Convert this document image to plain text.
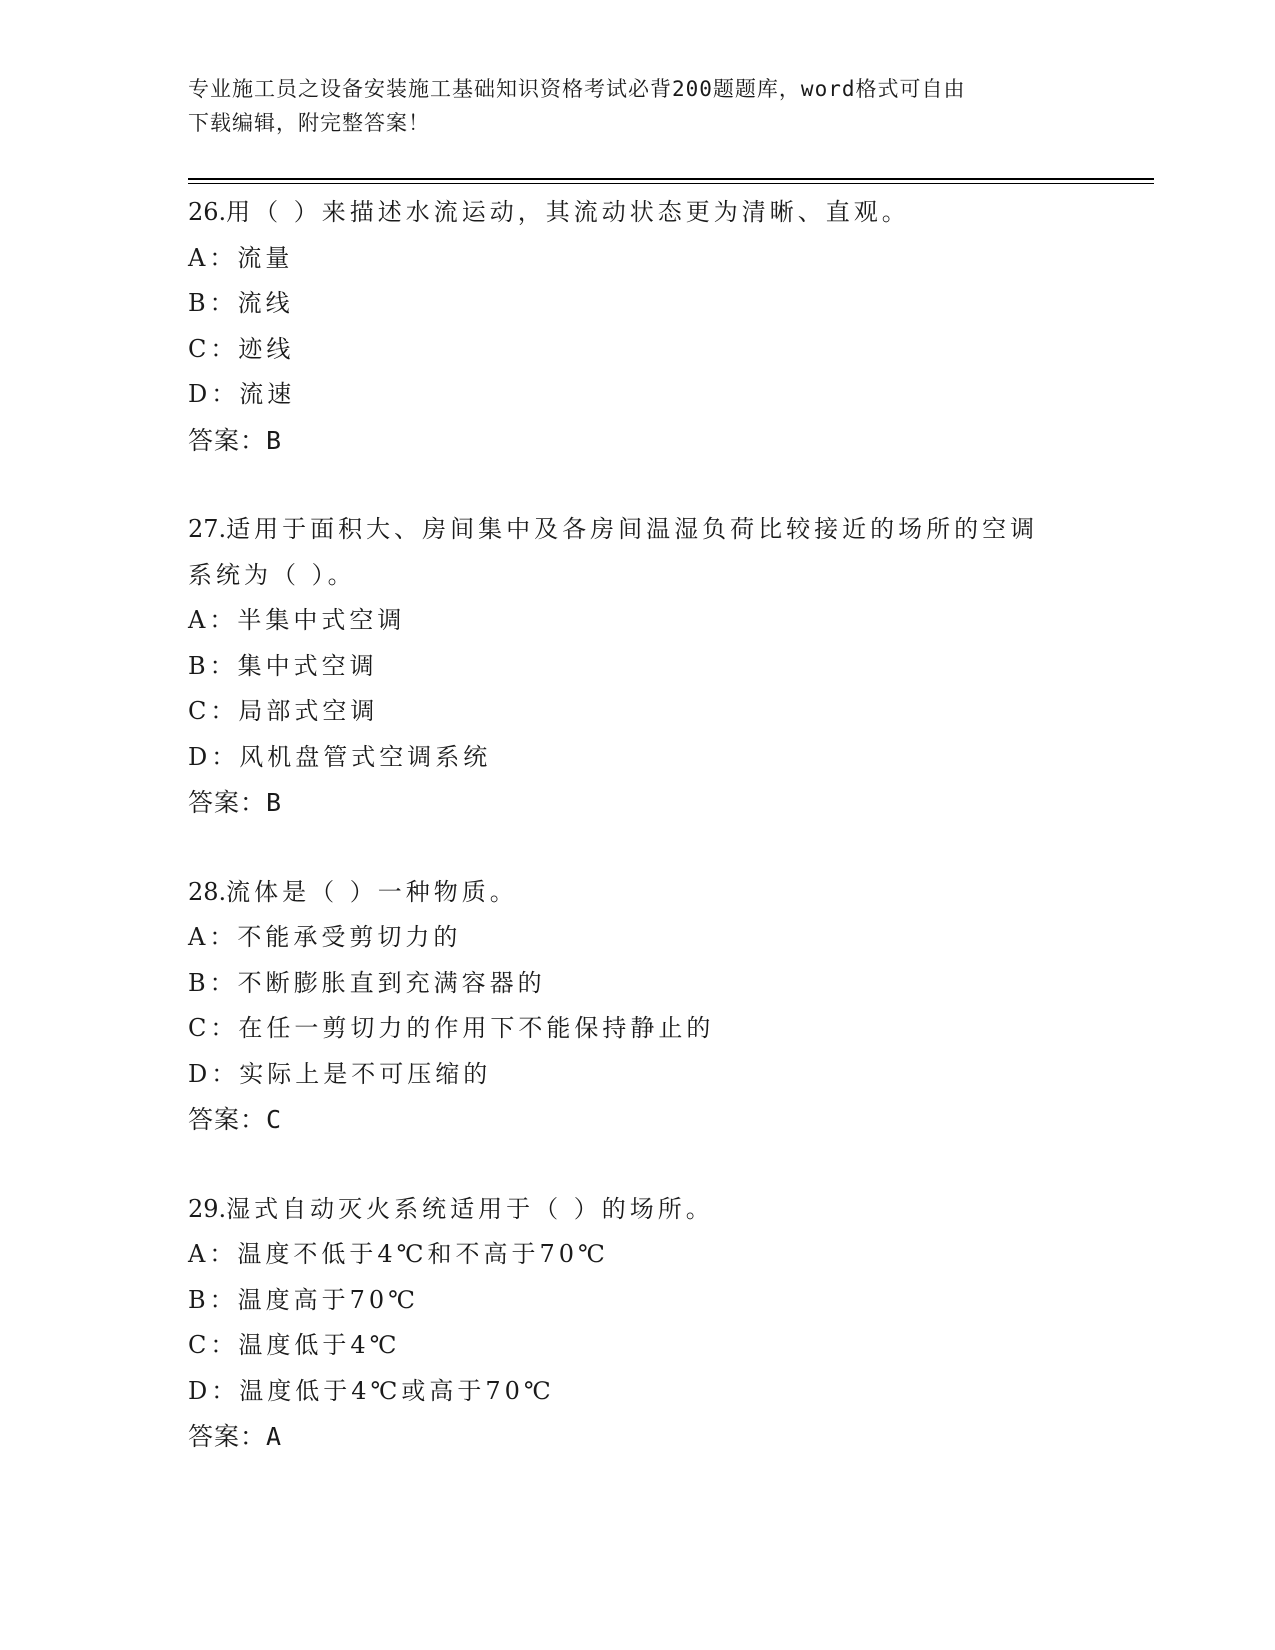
专业施工员之设备安装施工基础知识资格考试必背200题题库，word格式可自由
下载编辑，附完整答案！
26.用（ ）来描述水流运动，其流动状态更为清晰、直观。
A：流量
B：流线
C：迹线
D：流速
答案：B
27.适用于面积大、房间集中及各房间温湿负荷比较接近的场所的空调
系统为（ ）。
A：半集中式空调
B：集中式空调
C：局部式空调
D：风机盘管式空调系统
答案：B
28.流体是（ ）一种物质。
A：不能承受剪切力的
B：不断膨胀直到充满容器的
C：在任一剪切力的作用下不能保持静止的
D：实际上是不可压缩的
答案：C
29.湿式自动灭火系统适用于（ ）的场所。
A：温度不低于4℃和不高于70℃
B：温度高于70℃
C：温度低于4℃
D：温度低于4℃或高于70℃
答案：A
